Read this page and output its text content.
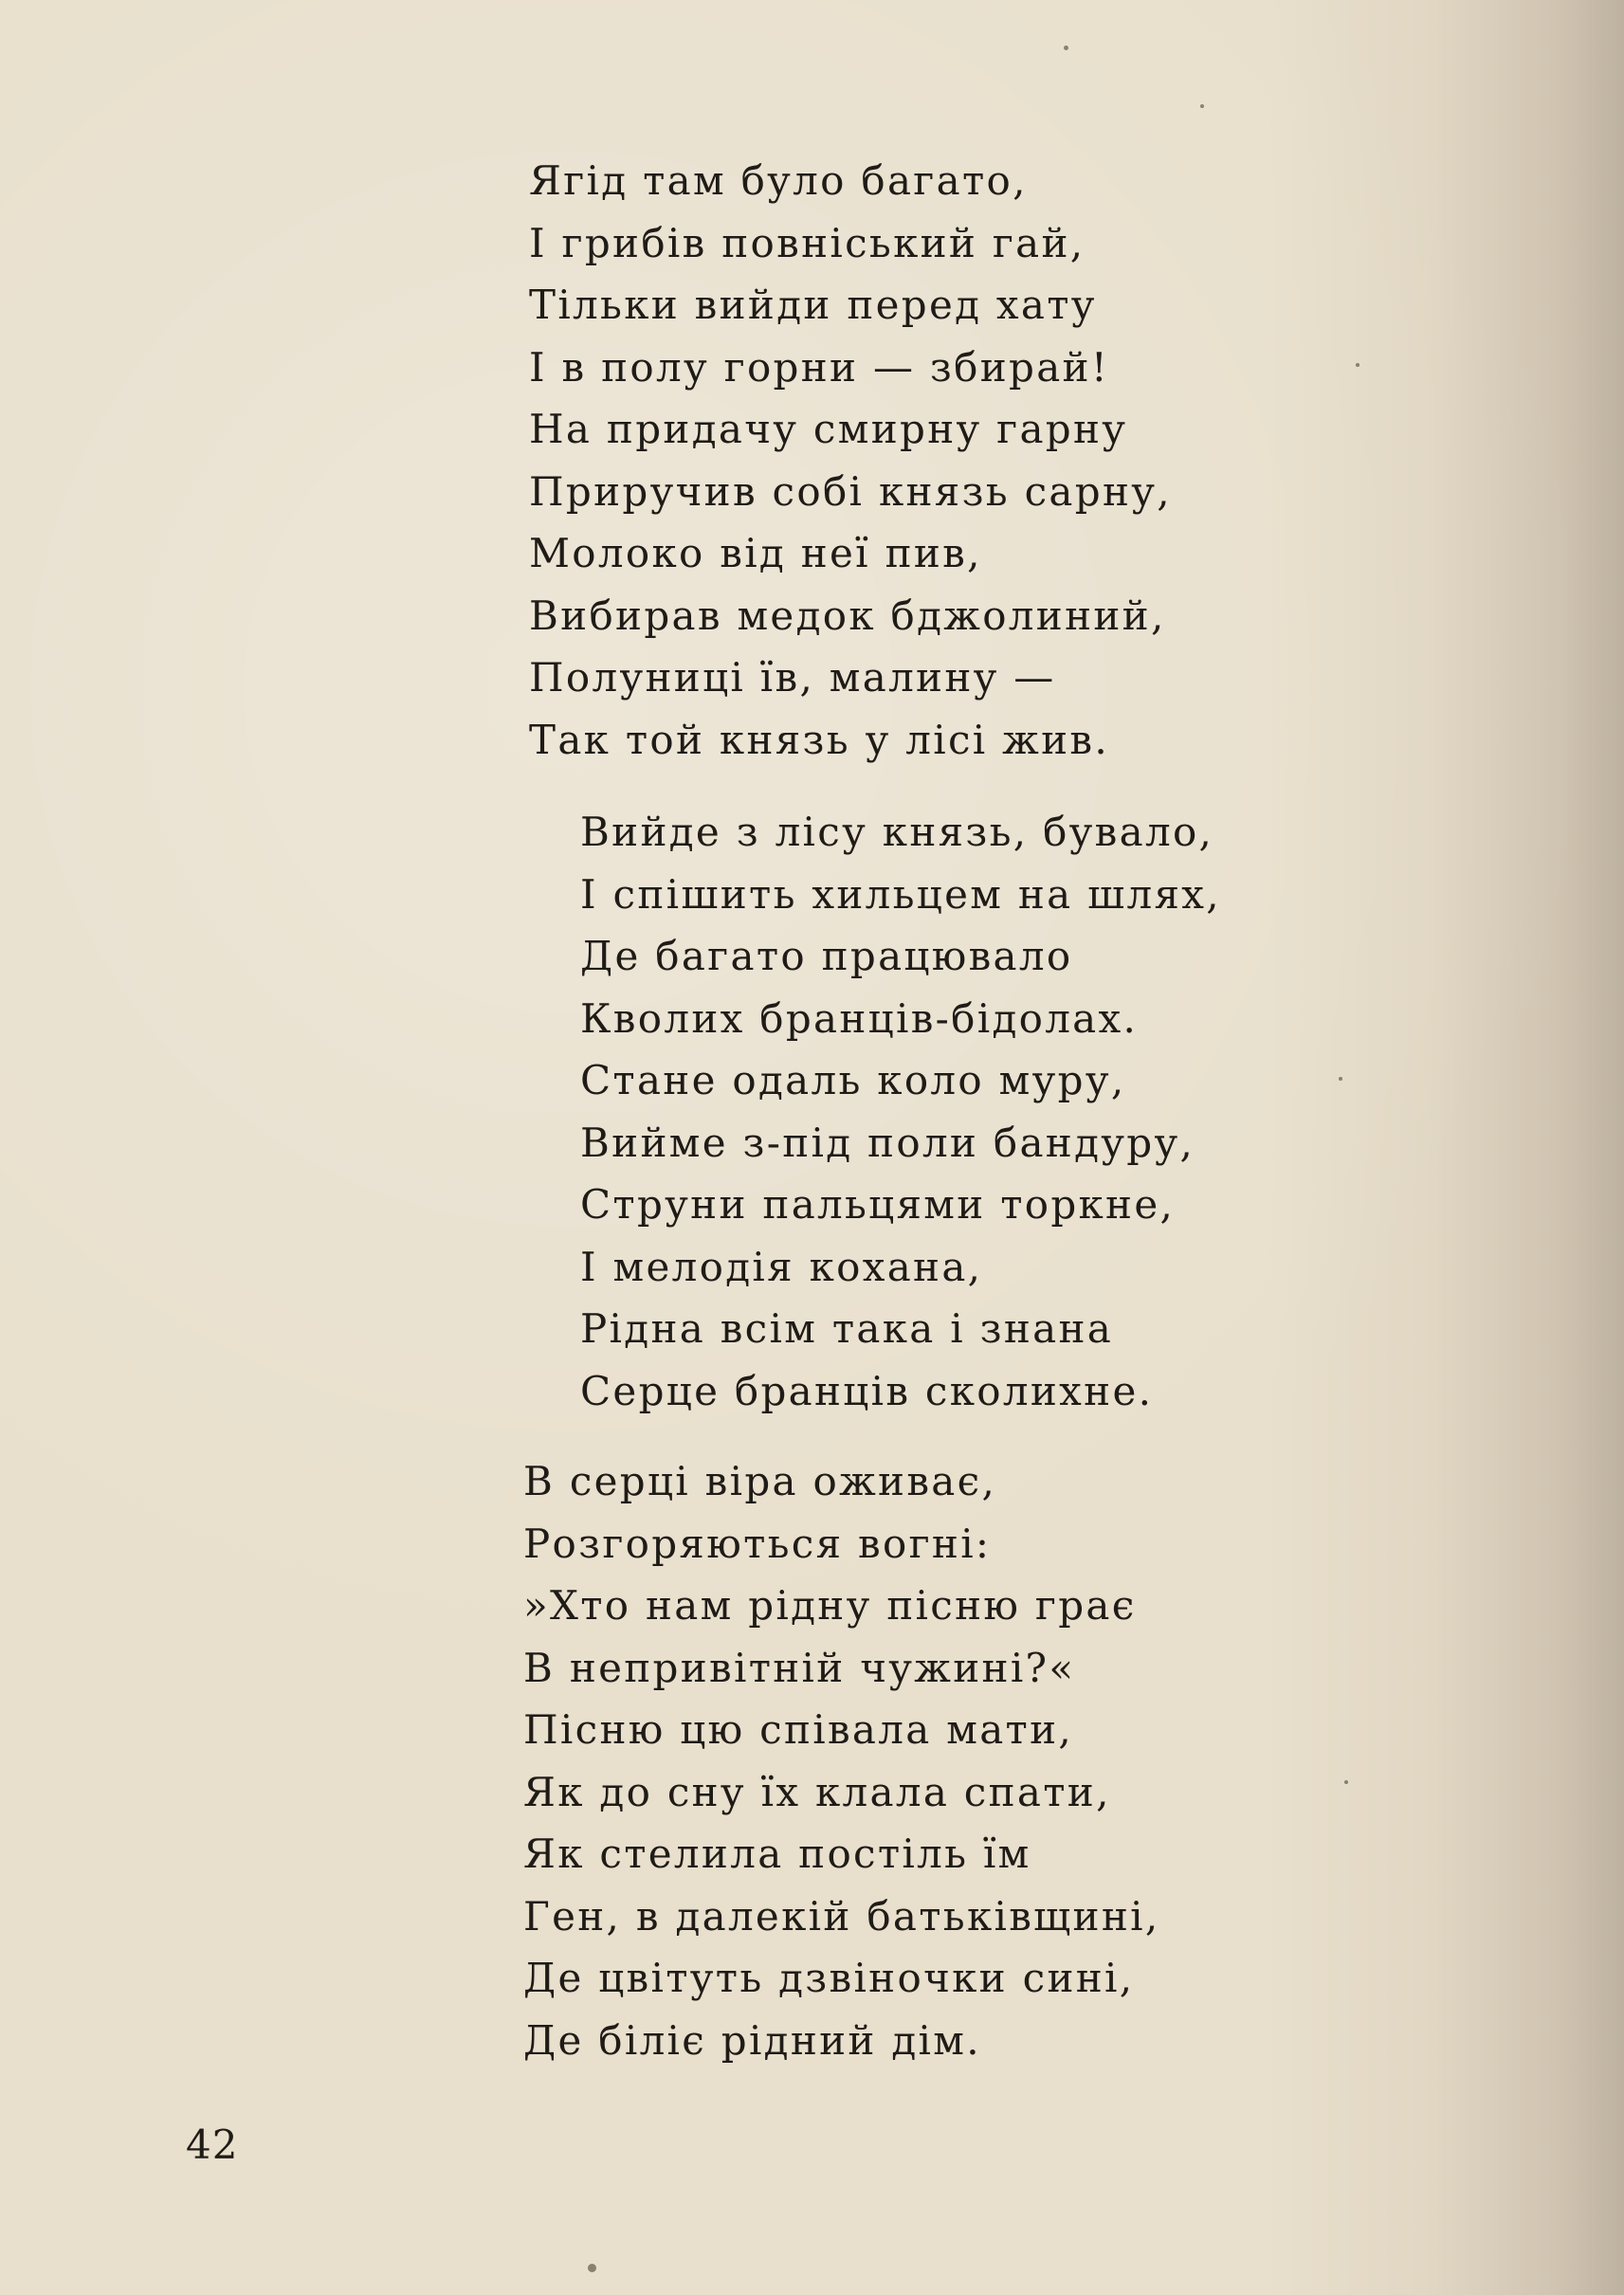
Ягід там було багато,
І грибів повніський гай,
Тільки вийди перед хату
І в полу горни — збирай!
На придачу смирну гарну
Приручив собі князь сарну,
Молоко від неї пив,
Вибирав медок бджолиний,
Полуниці їв, малину —
Так той князь у лісі жив.
Вийде з лісу князь, бувало,
І спішить хильцем на шлях,
Де багато працювало
Кволих бранців-бідолах.
Стане одаль коло муру,
Вийме з-під поли бандуру,
Струни пальцями торкне,
І мелодія кохана,
Рідна всім така і знана
Серце бранців сколихне.
В серці віра оживає,
Розгоряються вогні:
»Хто нам рідну пісню грає
В непривітній чужині?«
Пісню цю співала мати,
Як до сну їх клала спати,
Як стелила постіль їм
Ген, в далекій батьківщині,
Де цвітуть дзвіночки сині,
Де біліє рідний дім.
42
